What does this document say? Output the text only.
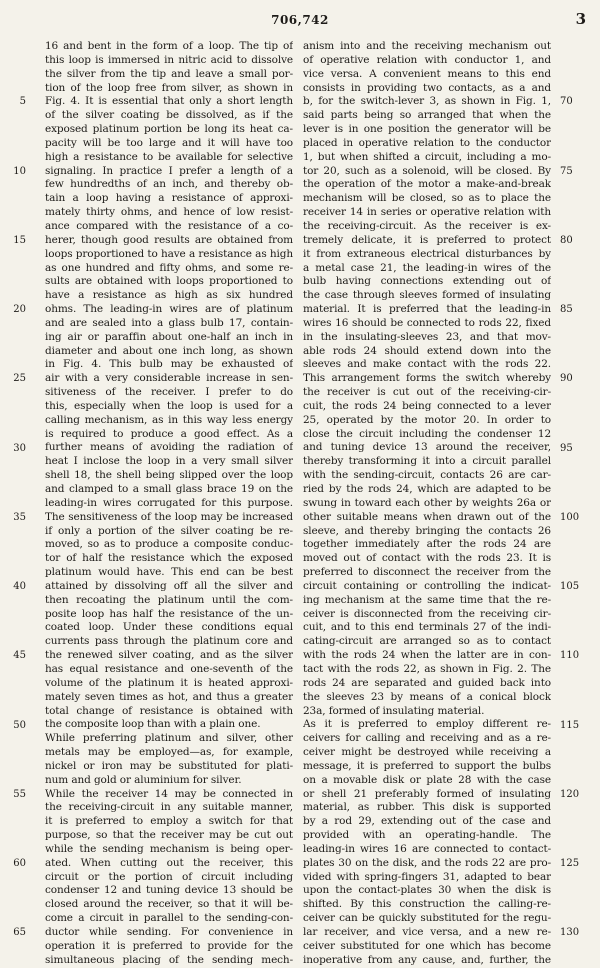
706,742	3
5
10
15
20
25
30
35
40
45
50
55
60
65
16 and bent in the form of a loop. The tip of
this loop is immersed in nitric acid to dissolve
the silver from the tip and leave a small por-
tion of the loop free from silver, as shown in
Fig. 4. It is essential that only a short length
of the silver coating be dissolved, as if the
exposed platinum portion be long its heat ca-
pacity will be too large and it will have too
high a resistance to be available for selective
signaling. In practice I prefer a length of a
few hundredths of an inch, and thereby ob-
tain a loop having a resistance of approxi-
mately thirty ohms, and hence of low resist-
ance compared with the resistance of a co-
herer, though good results are obtained from
loops proportioned to have a resistance as high
as one hundred and fifty ohms, and some re-
sults are obtained with loops proportioned to
have a resistance as high as six hundred
ohms. The leading-in wires are of platinum
and are sealed into a glass bulb 17, contain-
ing air or paraffin about one-half an inch in
diameter and about one inch long, as shown
in Fig. 4. This bulb may be exhausted of
air with a very considerable increase in sen-
sitiveness of the receiver. I prefer to do
this, especially when the loop is used for a
calling mechanism, as in this way less energy
is required to produce a good effect. As a
further means of avoiding the radiation of
heat I inclose the loop in a very small silver
shell 18, the shell being slipped over the loop
and clamped to a small glass brace 19 on the
leading-in wires corrugated for this purpose.
The sensitiveness of the loop may be increased
if only a portion of the silver coating be re-
moved, so as to produce a composite conduc-
tor of half the resistance which the exposed
platinum would have. This end can be best
attained by dissolving off all the silver and
then recoating the platinum until the com-
posite loop has half the resistance of the un-
coated loop. Under these conditions equal
currents pass through the platinum core and
the renewed silver coating, and as the silver
has equal resistance and one-seventh of the
volume of the platinum it is heated approxi-
mately seven times as hot, and thus a greater
total change of resistance is obtained with
the composite loop than with a plain one.
While preferring platinum and silver, other
metals may be employed—as, for example,
nickel or iron may be substituted for plati-
num and gold or aluminium for silver.
While the receiver 14 may be connected in
the receiving-circuit in any suitable manner,
it is preferred to employ a switch for that
purpose, so that the receiver may be cut out
while the sending mechanism is being oper-
ated. When cutting out the receiver, this
circuit or the portion of circuit including
condenser 12 and tuning device 13 should be
closed around the receiver, so that it will be-
come a circuit in parallel to the sending-con-
ductor while sending. For convenience in
operation it is preferred to provide for the
simultaneous placing of the sending mech-
anism into and the receiving mechanism out
of operative relation with conductor 1, and
vice versa. A convenient means to this end
consists in providing two contacts, as a and
b, for the switch-lever 3, as shown in Fig. 1,
said parts being so arranged that when the
lever is in one position the generator will be
placed in operative relation to the conductor
1, but when shifted a circuit, including a mo-
tor 20, such as a solenoid, will be closed. By
the operation of the motor a make-and-break
mechanism will be closed, so as to place the
receiver 14 in series or operative relation with
the receiving-circuit. As the receiver is ex-
tremely delicate, it is preferred to protect
it from extraneous electrical disturbances by
a metal case 21, the leading-in wires of the
bulb having connections extending out of
the case through sleeves formed of insulating
material. It is preferred that the leading-in
wires 16 should be connected to rods 22, fixed
in the insulating-sleeves 23, and that mov-
able rods 24 should extend down into the
sleeves and make contact with the rods 22.
This arrangement forms the switch whereby
the receiver is cut out of the receiving-cir-
cuit, the rods 24 being connected to a lever
25, operated by the motor 20. In order to
close the circuit including the condenser 12
and tuning device 13 around the receiver,
thereby transforming it into a circuit parallel
with the sending-circuit, contacts 26 are car-
ried by the rods 24, which are adapted to be
swung in toward each other by weights 26a or
other suitable means when drawn out of the
sleeve, and thereby bringing the contacts 26
together immediately after the rods 24 are
moved out of contact with the rods 23. It is
preferred to disconnect the receiver from the
circuit containing or controlling the indicat-
ing mechanism at the same time that the re-
ceiver is disconnected from the receiving cir-
cuit, and to this end terminals 27 of the indi-
cating-circuit are arranged so as to contact
with the rods 24 when the latter are in con-
tact with the rods 22, as shown in Fig. 2. The
rods 24 are separated and guided back into
the sleeves 23 by means of a conical block
23a, formed of insulating material.
As it is preferred to employ different re-
ceivers for calling and receiving and as a re-
ceiver might be destroyed while receiving a
message, it is preferred to support the bulbs
on a movable disk or plate 28 with the case
or shell 21 preferably formed of insulating
material, as rubber. This disk is supported
by a rod 29, extending out of the case and
provided with an operating-handle. The
leading-in wires 16 are connected to contact-
plates 30 on the disk, and the rods 22 are pro-
vided with spring-fingers 31, adapted to bear
upon the contact-plates 30 when the disk is
shifted. By this construction the calling-re-
ceiver can be quickly substituted for the regu-
lar receiver, and vice versa, and a new re-
ceiver substituted for one which has become
inoperative from any cause, and, further, the
70
75
80
85
90
95
100
105
110
115
120
125
130
